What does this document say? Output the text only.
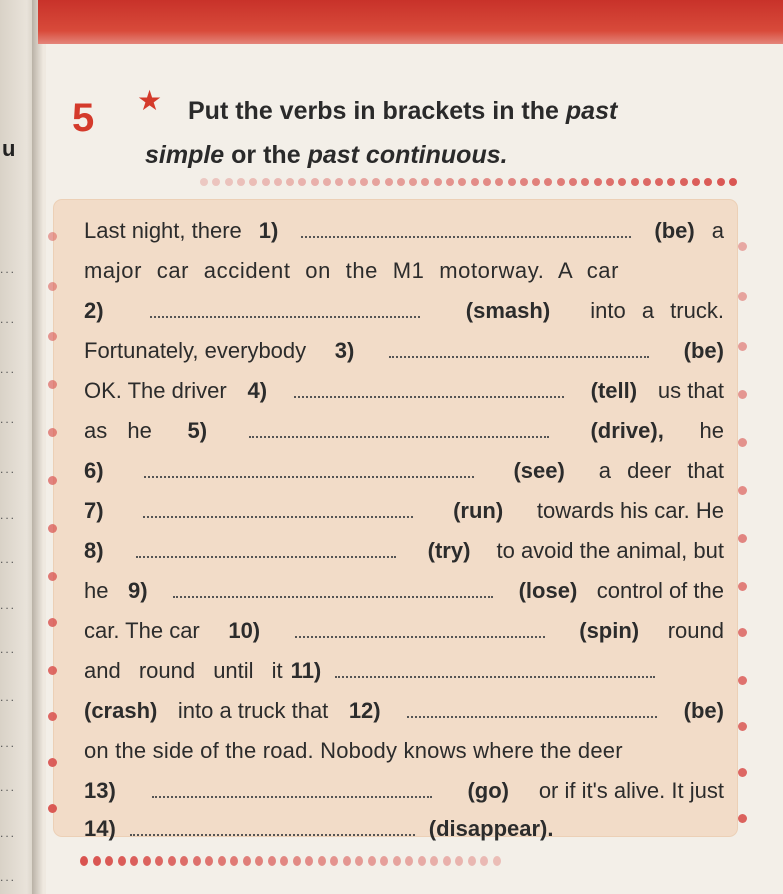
u
...
...
...
...
...
...
...
...
...
...
...
...
...
...
5 ★ Put the verbs in brackets in the past
simple or the past continuous.
Last night, there 1)	(be) a
major car accident on the M1 motorway. A car
2)	(smash) into a truck.
Fortunately, everybody 3)	(be)
OK. The driver 4)	(tell) us that
as he 5)	(drive), he
6)	(see) a deer that
7)	(run) towards his car. He
8)	(try) to avoid the animal, but
he 9)	(lose) control of the
car. The car 10)	(spin) round
and round until it 11)
(crash) into a truck that 12)	(be)
on the side of the road. Nobody knows where the deer
13)	(go) or if it's alive. It just
14)	(disappear).
